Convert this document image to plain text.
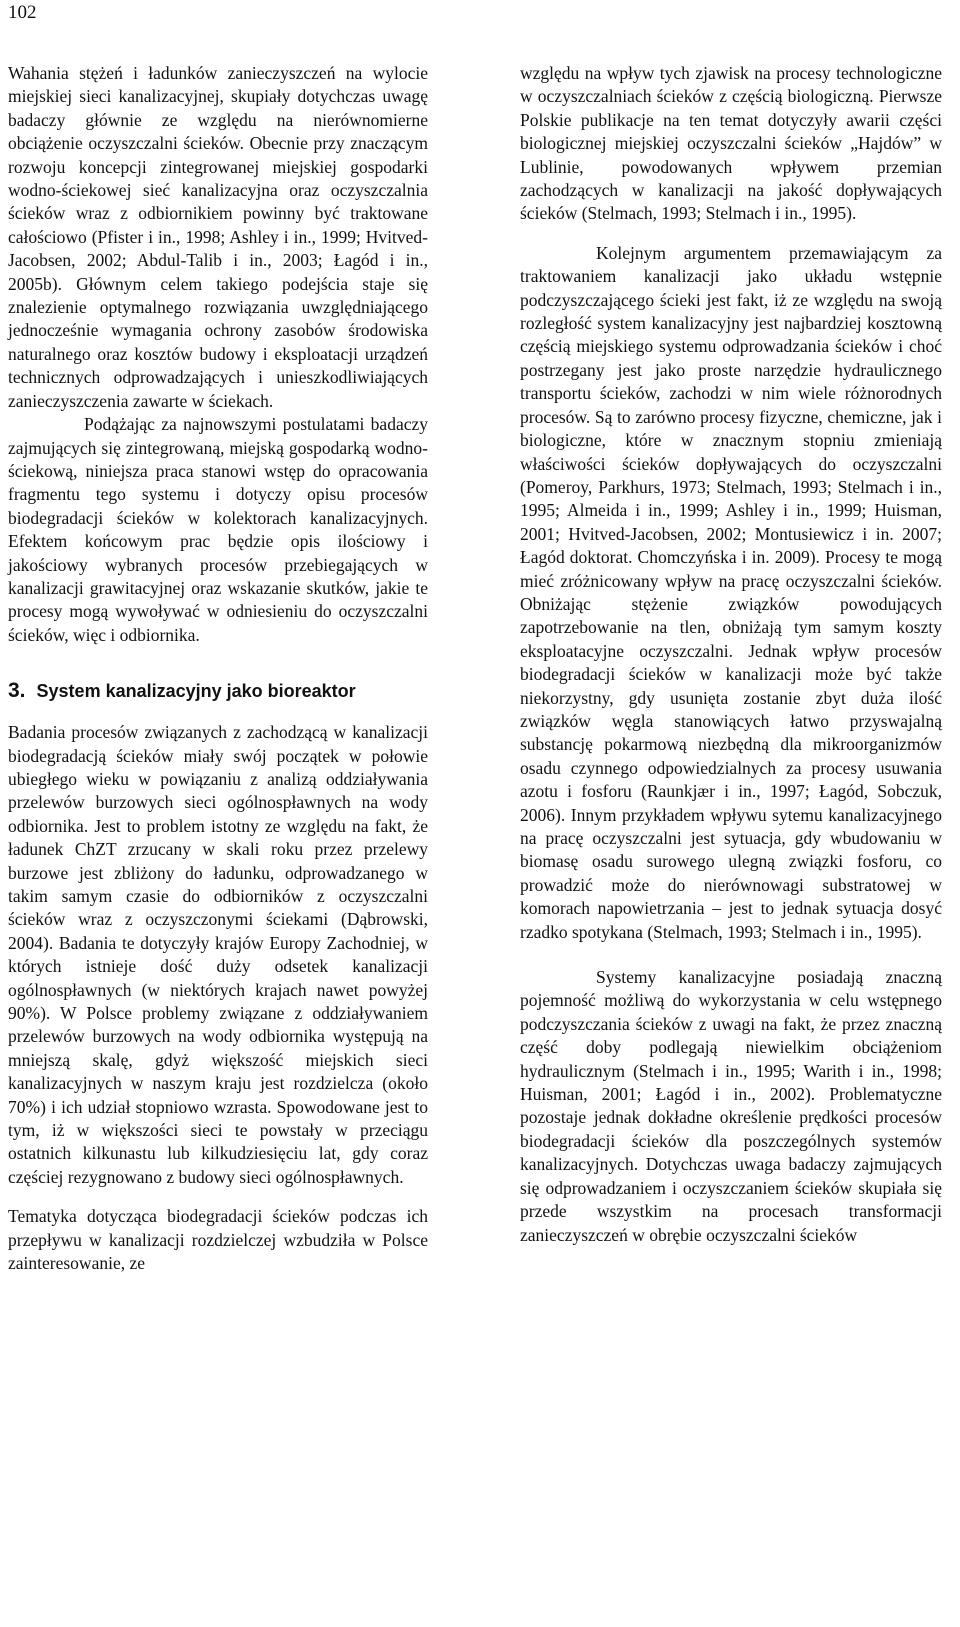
102

Wahania stężeń i ładunków zanieczyszczeń na wylocie miejskiej sieci kanalizacyjnej, skupiały dotychczas uwagę badaczy głównie ze względu na nierównomierne obciążenie oczyszczalni ścieków. Obecnie przy znaczącym rozwoju koncepcji zintegrowanej miejskiej gospodarki wodno-ściekowej sieć kanalizacyjna oraz oczyszczalnia ścieków wraz z odbiornikiem powinny być traktowane całościowo (Pfister i in., 1998; Ashley i in., 1999; Hvitved-Jacobsen, 2002; Abdul-Talib i in., 2003; Łagód i in., 2005b). Głównym celem takiego podejścia staje się znalezienie optymalnego rozwiązania uwzględniającego jednocześnie wymagania ochrony zasobów środowiska naturalnego oraz kosztów budowy i eksploatacji urządzeń technicznych odprowadzających i unieszkodliwiających zanieczyszczenia zawarte w ściekach.

Podążając za najnowszymi postulatami badaczy zajmujących się zintegrowaną, miejską gospodarką wodno-ściekową, niniejsza praca stanowi wstęp do opracowania fragmentu tego systemu i dotyczy opisu procesów biodegradacji ścieków w kolektorach kanalizacyjnych. Efektem końcowym prac będzie opis ilościowy i jakościowy wybranych procesów przebiegających w kanalizacji grawitacyjnej oraz wskazanie skutków, jakie te procesy mogą wywoływać w odniesieniu do oczyszczalni ścieków, więc i odbiornika.

3. System kanalizacyjny jako bioreaktor

Badania procesów związanych z zachodzącą w kanalizacji biodegradacją ścieków miały swój początek w połowie ubiegłego wieku w powiązaniu z analizą oddziaływania przelewów burzowych sieci ogólnospławnych na wody odbiornika. Jest to problem istotny ze względu na fakt, że ładunek ChZT zrzucany w skali roku przez przelewy burzowe jest zbliżony do ładunku, odprowadzanego w takim samym czasie do odbiorników z oczyszczalni ścieków wraz z oczyszczonymi ściekami (Dąbrowski, 2004). Badania te dotyczyły krajów Europy Zachodniej, w których istnieje dość duży odsetek kanalizacji ogólnospławnych (w niektórych krajach nawet powyżej 90%). W Polsce problemy związane z oddziaływaniem przelewów burzowych na wody odbiornika występują na mniejszą skalę, gdyż większość miejskich sieci kanalizacyjnych w naszym kraju jest rozdzielcza (około 70%) i ich udział stopniowo wzrasta. Spowodowane jest to tym, iż w większości sieci te powstały w przeciągu ostatnich kilkunastu lub kilkudziesięciu lat, gdy coraz częściej rezygnowano z budowy sieci ogólnospławnych.

Tematyka dotycząca biodegradacji ścieków podczas ich przepływu w kanalizacji rozdzielczej wzbudziła w Polsce zainteresowanie, ze

względu na wpływ tych zjawisk na procesy technologiczne w oczyszczalniach ścieków z częścią biologiczną. Pierwsze Polskie publikacje na ten temat dotyczyły awarii części biologicznej miejskiej oczyszczalni ścieków „Hajdów” w Lublinie, powodowanych wpływem przemian zachodzących w kanalizacji na jakość dopływających ścieków (Stelmach, 1993; Stelmach i in., 1995).

Kolejnym argumentem przemawiającym za traktowaniem kanalizacji jako układu wstępnie podczyszczającego ścieki jest fakt, iż ze względu na swoją rozległość system kanalizacyjny jest najbardziej kosztowną częścią miejskiego systemu odprowadzania ścieków i choć postrzegany jest jako proste narzędzie hydraulicznego transportu ścieków, zachodzi w nim wiele różnorodnych procesów. Są to zarówno procesy fizyczne, chemiczne, jak i biologiczne, które w znacznym stopniu zmieniają właściwości ścieków dopływających do oczyszczalni (Pomeroy, Parkhurs, 1973; Stelmach, 1993; Stelmach i in., 1995; Almeida i in., 1999; Ashley i in., 1999; Huisman, 2001; Hvitved-Jacobsen, 2002; Montusiewicz i in. 2007; Łagód doktorat. Chomczyńska i in. 2009). Procesy te mogą mieć zróżnicowany wpływ na pracę oczyszczalni ścieków. Obniżając stężenie związków powodujących zapotrzebowanie na tlen, obniżają tym samym koszty eksploatacyjne oczyszczalni. Jednak wpływ procesów biodegradacji ścieków w kanalizacji może być także niekorzystny, gdy usunięta zostanie zbyt duża ilość związków węgla stanowiących łatwo przyswajalną substancję pokarmową niezbędną dla mikroorganizmów osadu czynnego odpowiedzialnych za procesy usuwania azotu i fosforu (Raunkjær i in., 1997; Łagód, Sobczuk, 2006). Innym przykładem wpływu sytemu kanalizacyjnego na pracę oczyszczalni jest sytuacja, gdy wbudowaniu w biomasę osadu surowego ulegną związki fosforu, co prowadzić może do nierównowagi substratowej w komorach napowietrzania – jest to jednak sytuacja dosyć rzadko spotykana (Stelmach, 1993; Stelmach i in., 1995).

Systemy kanalizacyjne posiadają znaczną pojemność możliwą do wykorzystania w celu wstępnego podczyszczania ścieków z uwagi na fakt, że przez znaczną część doby podlegają niewielkim obciążeniom hydraulicznym (Stelmach i in., 1995; Warith i in., 1998; Huisman, 2001; Łagód i in., 2002). Problematyczne pozostaje jednak dokładne określenie prędkości procesów biodegradacji ścieków dla poszczególnych systemów kanalizacyjnych. Dotychczas uwaga badaczy zajmujących się odprowadzaniem i oczyszczaniem ścieków skupiała się przede wszystkim na procesach transformacji zanieczyszczeń w obrębie oczyszczalni ścieków
